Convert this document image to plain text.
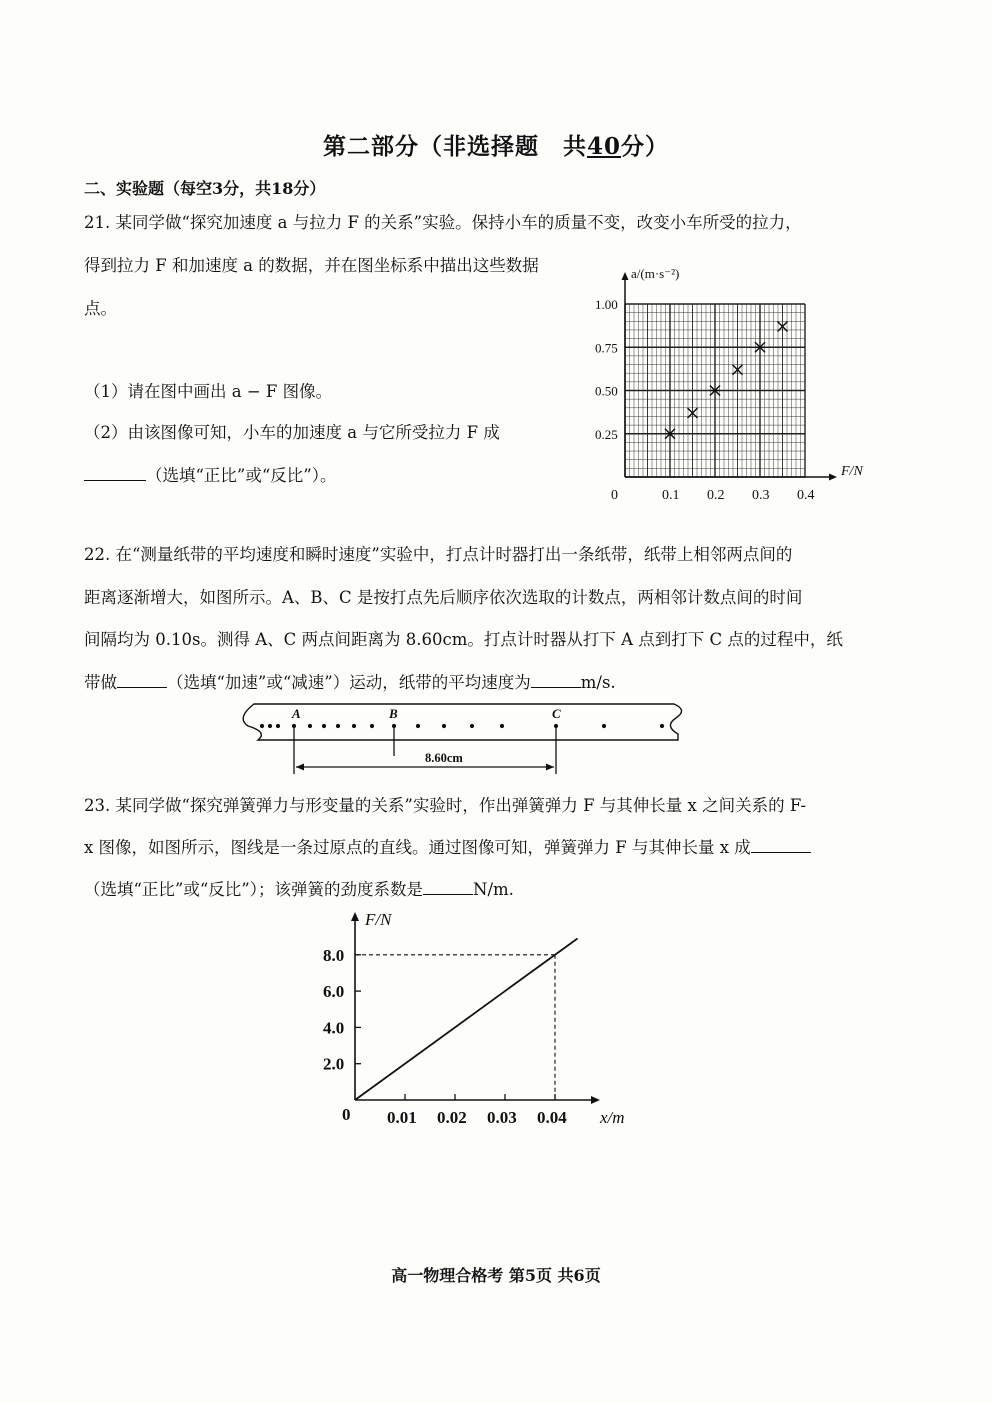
第二部分（非选择题　共40分）
二、实验题（每空3分，共18分）
21. 某同学做“探究加速度 a 与拉力 F 的关系”实验。保持小车的质量不变，改变小车所受的拉力，
得到拉力 F 和加速度 a 的数据，并在图坐标系中描出这些数据
点。
（1）请在图中画出 a − F 图像。
（2）由该图像可知，小车的加速度 a 与它所受拉力 F 成
（选填“正比”或“反比”）。
0	0.1 0.2 0.3 0.4
0.25
0.50
0.75
1.00
F/N
a/(m·s⁻²)
22. 在“测量纸带的平均速度和瞬时速度”实验中，打点计时器打出一条纸带，纸带上相邻两点间的
距离逐渐增大，如图所示。A、B、C 是按打点先后顺序依次选取的计数点，两相邻计数点间的时间
间隔均为 0.10s。测得 A、C 两点间距离为 8.60cm。打点计时器从打下 A 点到打下 C 点的过程中，纸
带做	（选填“加速”或“减速”）运动，纸带的平均速度为	m/s.
A	B	C
8.60cm
23. 某同学做“探究弹簧弹力与形变量的关系”实验时，作出弹簧弹力 F 与其伸长量 x 之间关系的 F-
x 图像，如图所示，图线是一条过原点的直线。通过图像可知，弹簧弹力 F 与其伸长量 x 成
（选填“正比”或“反比”）；该弹簧的劲度系数是	N/m.
0.01 0.02 0.03 0.04
2.0
4.0
6.0
8.0
F/N
x/m
0
高一物理合格考 第5页 共6页
